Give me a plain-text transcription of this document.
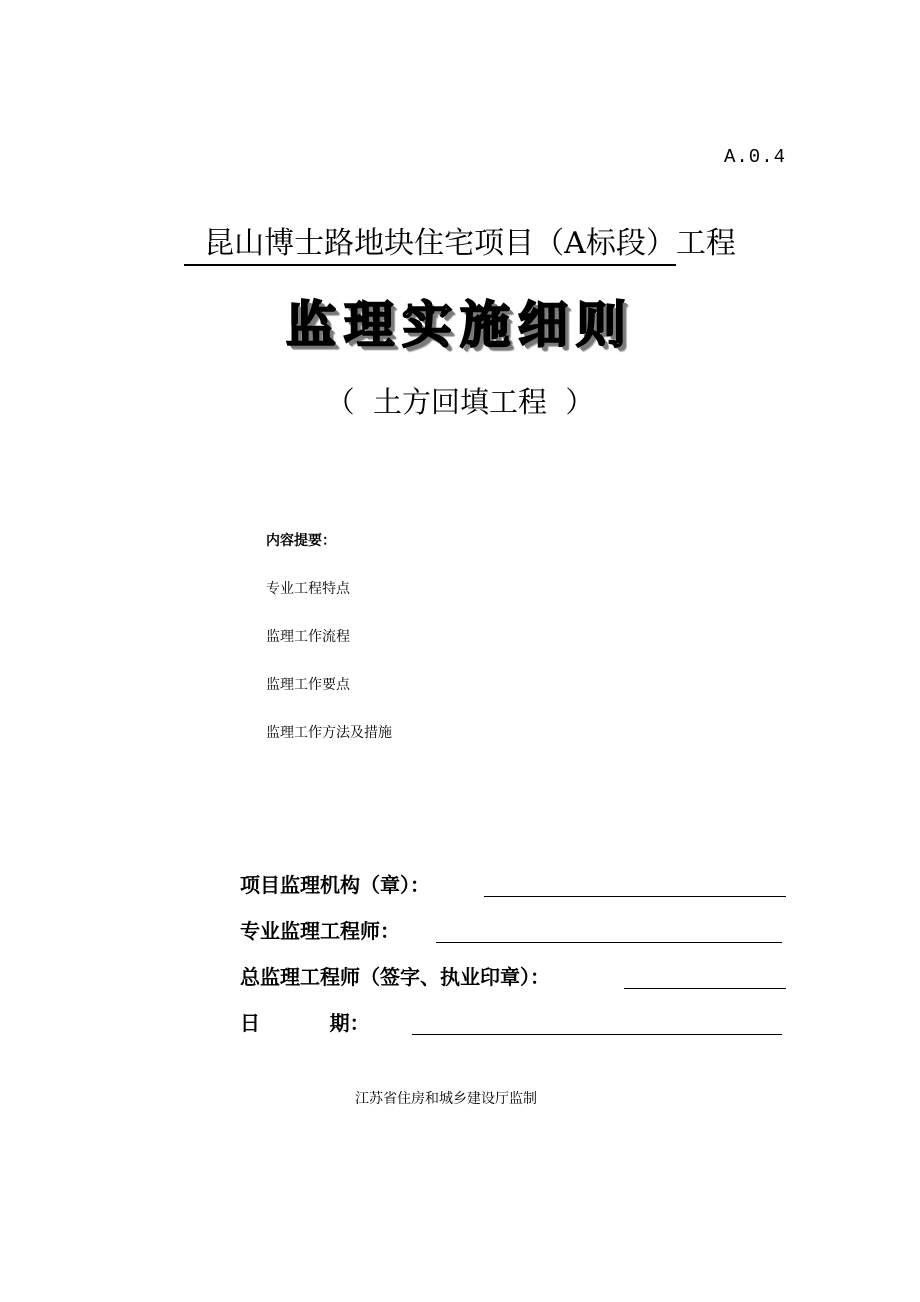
A.0.4
昆山博士路地块住宅项目（A标段）工程
监理实施细则
（  土方回填工程  ）
内容提要：
专业工程特点
监理工作流程
监理工作要点
监理工作方法及措施

项目监理机构（章）：

专业监理工程师：

总监理工程师（签字、执业印章）：

日          期：

江苏省住房和城乡建设厅监制
